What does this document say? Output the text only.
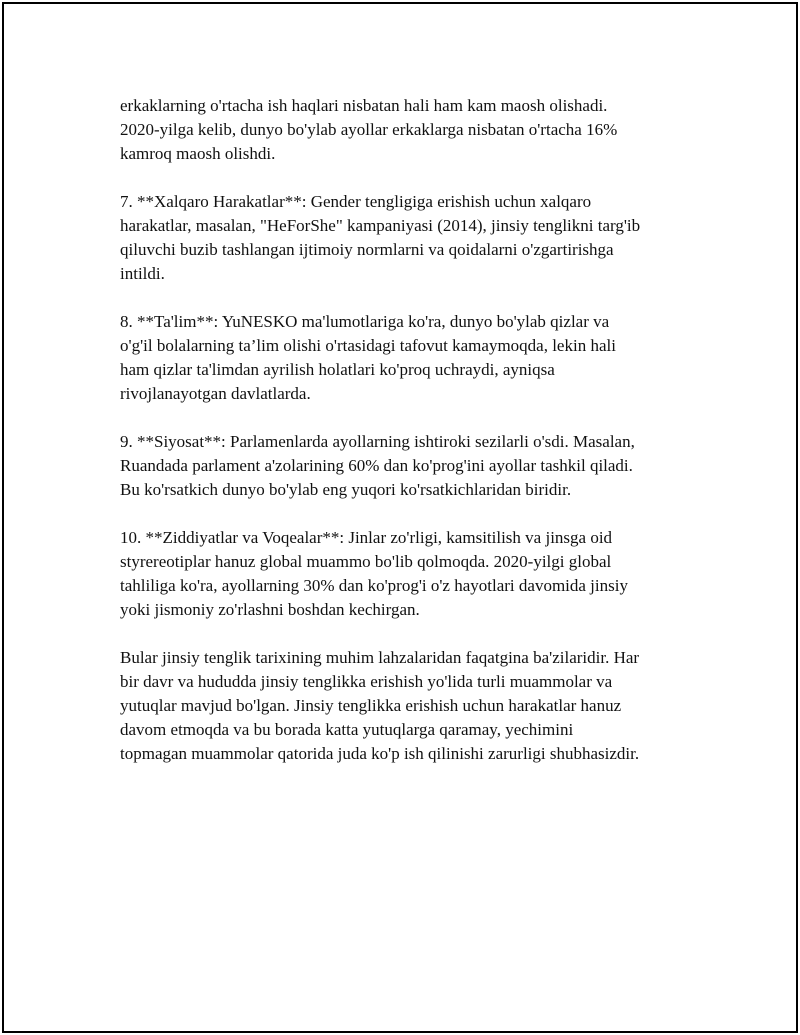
erkaklarning o'rtacha ish haqlari nisbatan hali ham kam maosh olishadi.
2020-yilga kelib, dunyo bo'ylab ayollar erkaklarga nisbatan o'rtacha 16%
kamroq maosh olishdi.

7. **Xalqaro Harakatlar**: Gender tengligiga erishish uchun xalqaro
harakatlar, masalan, "HeForShe" kampaniyasi (2014), jinsiy tenglikni targ'ib
qiluvchi buzib tashlangan ijtimoiy normlarni va qoidalarni o'zgartirishga
intildi.

8. **Ta'lim**: YuNESKO ma'lumotlariga ko'ra, dunyo bo'ylab qizlar va
o'g'il bolalarning ta’lim olishi o'rtasidagi tafovut kamaymoqda, lekin hali
ham qizlar ta'limdan ayrilish holatlari ko'proq uchraydi, ayniqsa
rivojlanayotgan davlatlarda.

9. **Siyosat**: Parlamenlarda ayollarning ishtiroki sezilarli o'sdi. Masalan,
Ruandada parlament a'zolarining 60% dan ko'prog'ini ayollar tashkil qiladi.
Bu ko'rsatkich dunyo bo'ylab eng yuqori ko'rsatkichlaridan biridir.

10. **Ziddiyatlar va Voqealar**: Jinlar zo'rligi, kamsitilish va jinsga oid
styrereotiplar hanuz global muammo bo'lib qolmoqda. 2020-yilgi global
tahliliga ko'ra, ayollarning 30% dan ko'prog'i o'z hayotlari davomida jinsiy
yoki jismoniy zo'rlashni boshdan kechirgan.

Bular jinsiy tenglik tarixining muhim lahzalaridan faqatgina ba'zilaridir. Har
bir davr va hududda jinsiy tenglikka erishish yo'lida turli muammolar va
yutuqlar mavjud bo'lgan. Jinsiy tenglikka erishish uchun harakatlar hanuz
davom etmoqda va bu borada katta yutuqlarga qaramay, yechimini
topmagan muammolar qatorida juda ko'p ish qilinishi zarurligi shubhasizdir.
